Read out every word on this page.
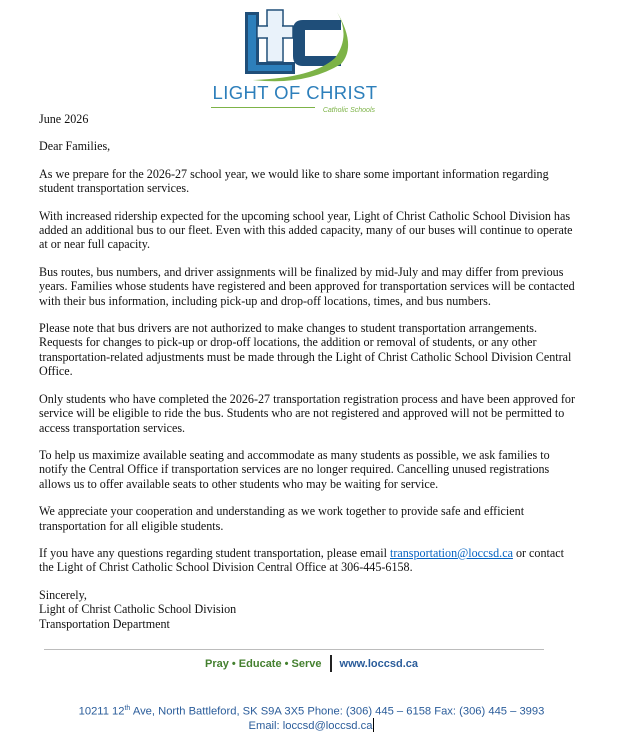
LIGHT OF CHRIST
Catholic Schools

June 2026

Dear Families,

As we prepare for the 2026-27 school year, we would like to share some important information regarding student transportation services.

With increased ridership expected for the upcoming school year, Light of Christ Catholic School Division has added an additional bus to our fleet. Even with this added capacity, many of our buses will continue to operate at or near full capacity.

Bus routes, bus numbers, and driver assignments will be finalized by mid-July and may differ from previous years. Families whose students have registered and been approved for transportation services will be contacted with their bus information, including pick-up and drop-off locations, times, and bus numbers.

Please note that bus drivers are not authorized to make changes to student transportation arrangements. Requests for changes to pick-up or drop-off locations, the addition or removal of students, or any other transportation-related adjustments must be made through the Light of Christ Catholic School Division Central Office.

Only students who have completed the 2026-27 transportation registration process and have been approved for service will be eligible to ride the bus. Students who are not registered and approved will not be permitted to access transportation services.

To help us maximize available seating and accommodate as many students as possible, we ask families to notify the Central Office if transportation services are no longer required. Cancelling unused registrations allows us to offer available seats to other students who may be waiting for service.

We appreciate your cooperation and understanding as we work together to provide safe and efficient transportation for all eligible students.

If you have any questions regarding student transportation, please email transportation@loccsd.ca or contact the Light of Christ Catholic School Division Central Office at 306-445-6158.

Sincerely,

Light of Christ Catholic School Division

Transportation Department

Pray • Educate • Serve www.loccsd.ca
10211 12th Ave, North Battleford, SK S9A 3X5 Phone: (306) 445 – 6158 Fax: (306) 445 – 3993
Email: loccsd@loccsd.ca
